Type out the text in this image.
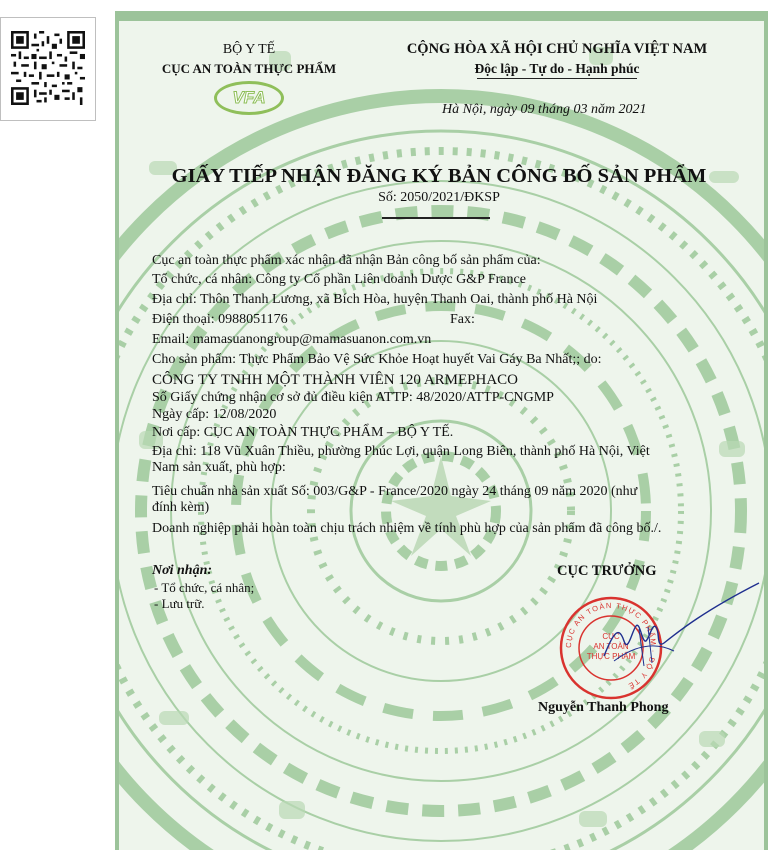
BỘ Y TẾ
CỤC AN TOÀN THỰC PHẨM
VFA
CỘNG HÒA XÃ HỘI CHỦ NGHĨA VIỆT NAM
Độc lập - Tự do - Hạnh phúc
Hà Nội, ngày 09 tháng 03 năm 2021
GIẤY TIẾP NHẬN ĐĂNG KÝ BẢN CÔNG BỐ SẢN PHẨM
Số: 2050/2021/ĐKSP
Cục an toàn thực phẩm xác nhận đã nhận Bản công bố sản phẩm của:
Tổ chức, cá nhân: Công ty Cổ phần Liên doanh Dược G&P France
Địa chỉ: Thôn Thanh Lương, xã Bích Hòa, huyện Thanh Oai, thành phố Hà Nội
Điện thoại: 0988051176	Fax:
Email: mamasuanongroup@mamasuanon.com.vn
Cho sản phẩm: Thực Phẩm Bảo Vệ Sức Khỏe Hoạt huyết Vai Gáy Ba Nhất;; do:
CÔNG TY TNHH MỘT THÀNH VIÊN 120 ARMEPHACO
Số Giấy chứng nhận cơ sở đủ điều kiện ATTP: 48/2020/ATTP-CNGMP
Ngày cấp: 12/08/2020
Nơi cấp: CỤC AN TOÀN THỰC PHẨM – BỘ Y TẾ.
Địa chỉ: 118 Vũ Xuân Thiều, phường Phúc Lợi, quận Long Biên, thành phố Hà Nội, Việt
Nam sản xuất, phù hợp:
Tiêu chuẩn nhà sản xuất Số: 003/G&P - France/2020 ngày 24 tháng 09 năm 2020 (như
đính kèm)
Doanh nghiệp phải hoàn toàn chịu trách nhiệm về tính phù hợp của sản phẩm đã công bố./.
Nơi nhận:
- Tổ chức, cá nhân;
- Lưu trữ.
CỤC TRƯỞNG
CỤC AN TOÀN THỰC PHẨM · BỘ Y TẾ
CỤC
AN TOÀN
THỰC PHẨM
Nguyễn Thanh Phong
